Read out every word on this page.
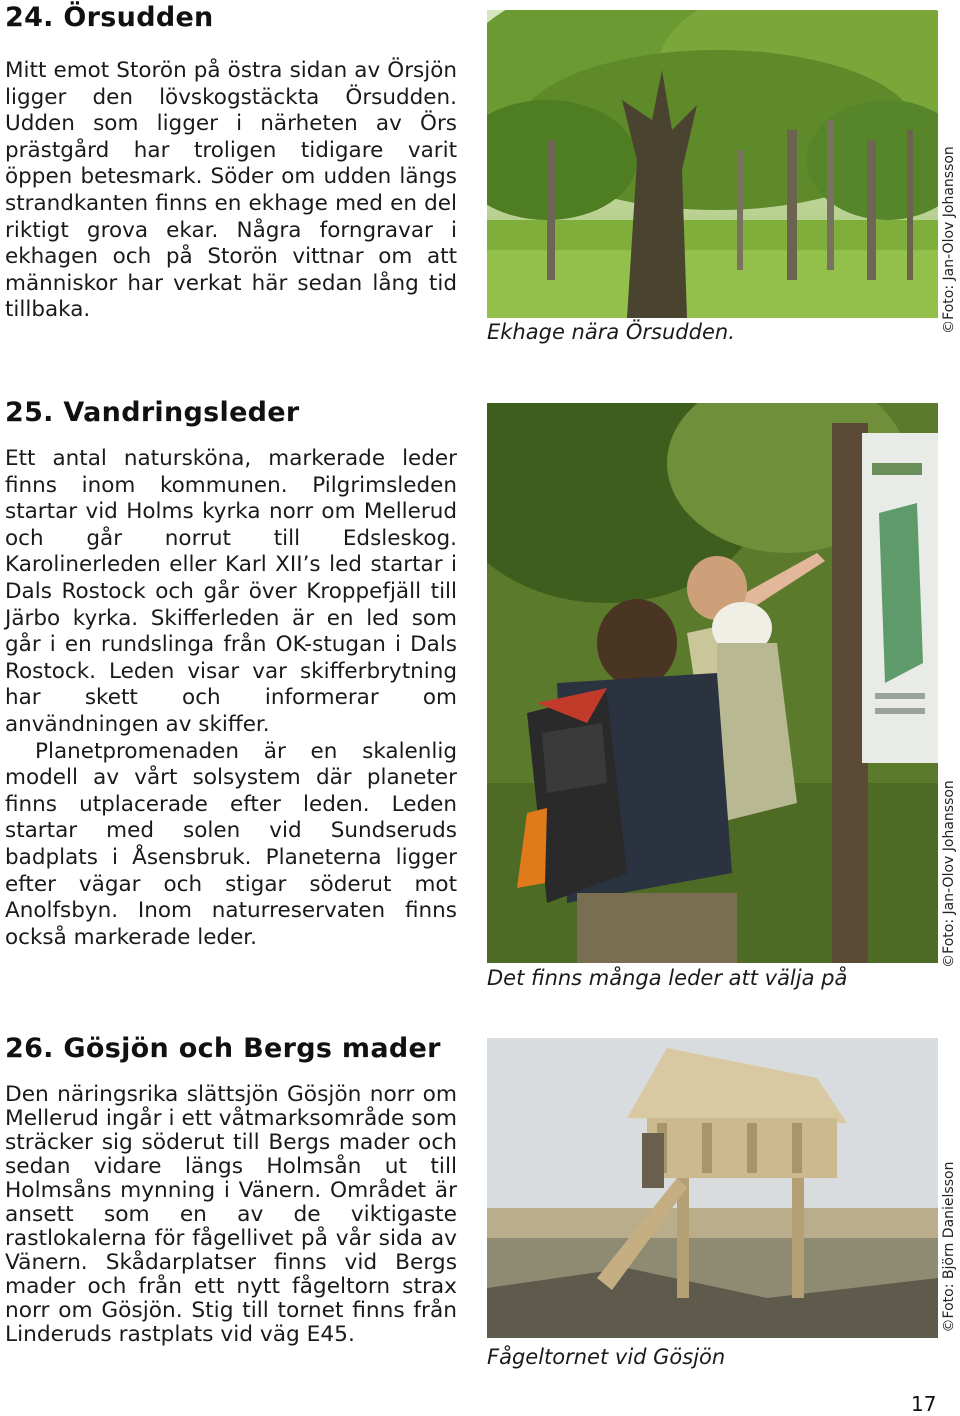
24. Örsudden

Mitt emot Storön på östra sidan av Örsjön ligger den lövskogstäckta Örsudden. Udden som ligger i närheten av Örs prästgård har troligen tidigare varit öppen betesmark. Söder om udden längs strandkanten finns en ekhage med en del riktigt grova ekar. Några forngravar i ekhagen och på Storön vittnar om att människor har verkat här sedan lång tid tillbaka.

Ekhage nära Örsudden.	©Foto: Jan-Olov Johansson

25. Vandringsleder

Ett antal natursköna, markerade leder finns inom kommunen. Pilgrimsleden startar vid Holms kyrka norr om Mellerud och går norrut till Edsleskog. Karolinerleden eller Karl XII’s led startar i Dals Rostock och går över Kroppefjäll till Järbo kyrka. Skifferleden är en led som går i en rundslinga från OK-stugan i Dals Rostock. Leden visar var skifferbrytning har skett och informerar om användningen av skiffer.

Planetpromenaden är en skalenlig modell av vårt solsystem där planeter finns utplacerade efter leden. Leden startar med solen vid Sundseruds badplats i Åsensbruk. Planeterna ligger efter vägar och stigar söderut mot Anolfsbyn. Inom naturreservaten finns också markerade leder.

Det finns många leder att välja på

©Foto: Jan-Olov Johansson

26. Gösjön och Bergs mader

Den näringsrika slättsjön Gösjön norr om Mellerud ingår i ett våtmarksområde som sträcker sig söderut till Bergs mader och sedan vidare längs Holmsån ut till Holmsåns mynning i Vänern. Området är ansett som en av de viktigaste rastlokalerna för fågellivet på vår sida av Vänern. Skådarplatser finns vid Bergs mader och från ett nytt fågeltorn strax norr om Gösjön. Stig till tornet finns från Linderuds rastplats vid väg E45.

Fågeltornet vid Gösjön

©Foto: Björn Danielsson

17
